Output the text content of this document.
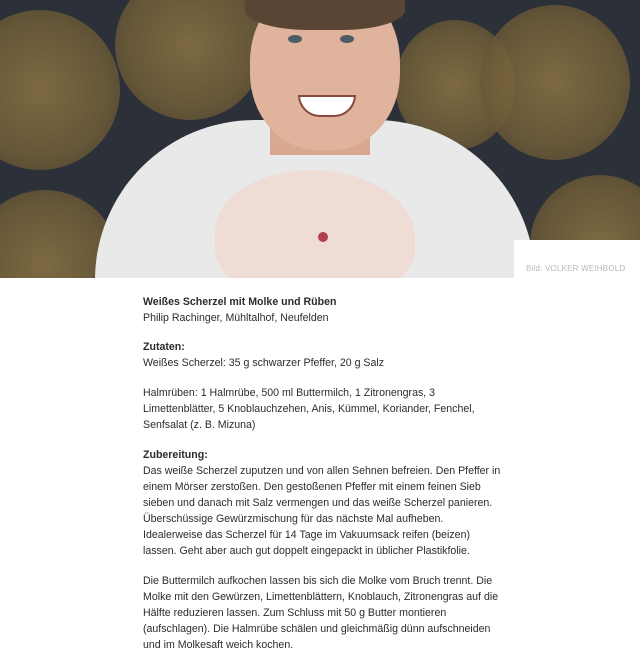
Bild: VOLKER WEIHBOLD

Weißes Scherzel mit Molke und Rüben

Philip Rachinger, Mühltalhof, Neufelden

Zutaten:

Weißes Scherzel: 35 g schwarzer Pfeffer, 20 g Salz

Halmrüben: 1 Halmrübe, 500 ml Buttermilch, 1 Zitronengras, 3 Limettenblätter, 5 Knoblauchzehen, Anis, Kümmel, Koriander, Fenchel, Senfsalat (z. B. Mizuna)

Zubereitung:

Das weiße Scherzel zuputzen und von allen Sehnen befreien. Den Pfeffer in einem Mörser zerstoßen. Den gestoßenen Pfeffer mit einem feinen Sieb sieben und danach mit Salz vermengen und das weiße Scherzel panieren. Überschüssige Gewürzmischung für das nächste Mal aufheben. Idealerweise das Scherzel für 14 Tage im Vakuumsack reifen (beizen) lassen. Geht aber auch gut doppelt eingepackt in üblicher Plastikfolie.

Die Buttermilch aufkochen lassen bis sich die Molke vom Bruch trennt. Die Molke mit den Gewürzen, Limettenblättern, Knoblauch, Zitronengras auf die Hälfte reduzieren lassen. Zum Schluss mit 50 g Butter montieren (aufschlagen). Die Halmrübe schälen und gleichmäßig dünn aufschneiden und im Molkesaft weich kochen.
